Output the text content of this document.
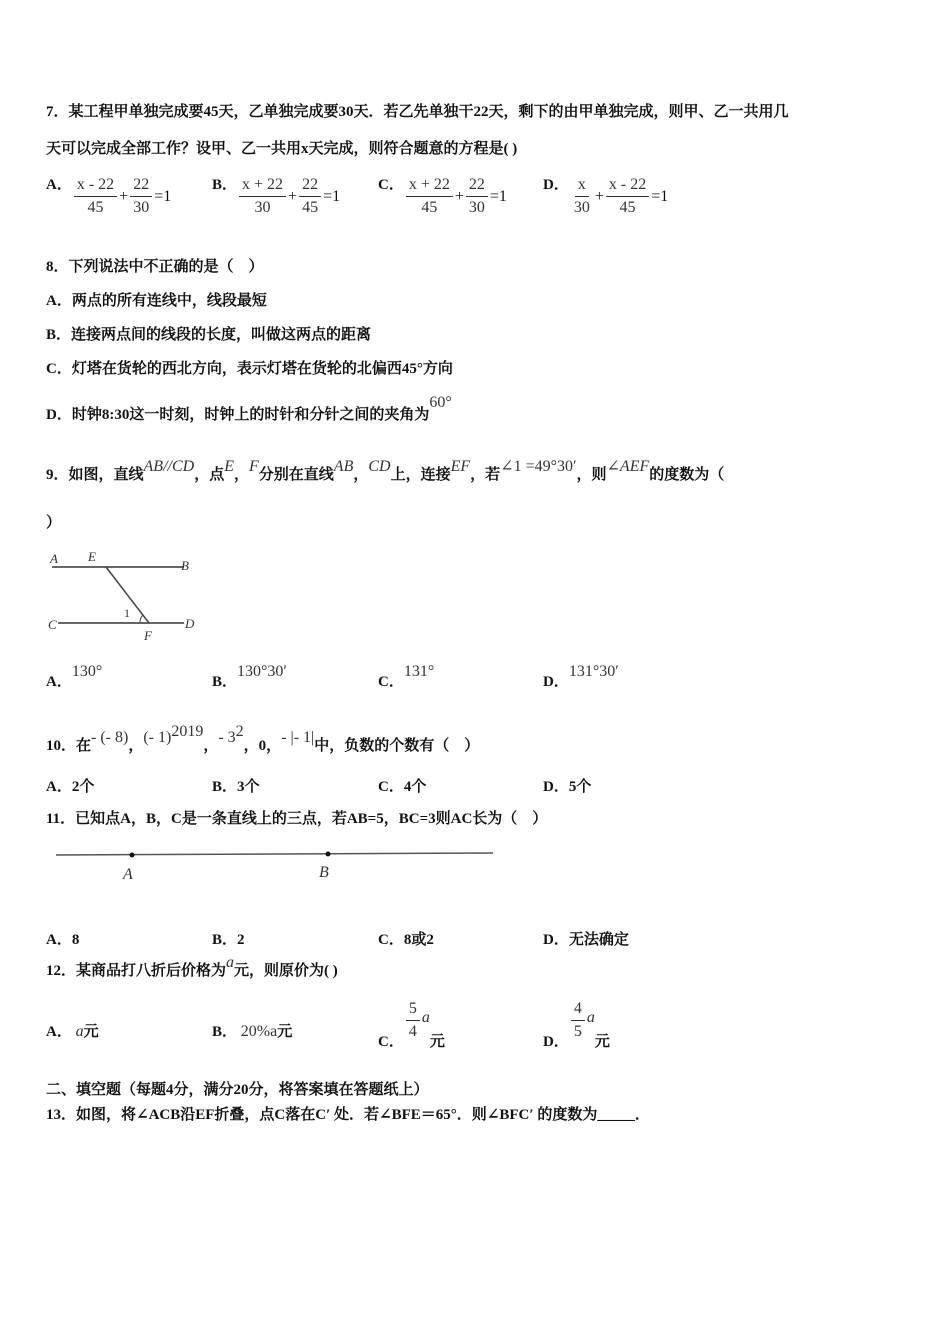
7．某工程甲单独完成要45天，乙单独完成要30天．若乙先单独干22天，剩下的由甲单独完成，则甲、乙一共用几
天可以完成全部工作？设甲、乙一共用x天完成，则符合题意的方程是( )
A． $\frac{x - 22}{45} + \frac{22}{30} =1$
B． $\frac{x + 22}{30} + \frac{22}{45} =1$
C． $\frac{x + 22}{45} + \frac{22}{30} =1$
D． $\frac{x}{30} + \frac{x - 22}{45} =1$
8．下列说法中不正确的是（　）
A．两点的所有连线中，线段最短
B．连接两点间的线段的长度，叫做这两点的距离
C．灯塔在货轮的西北方向，表示灯塔在货轮的北偏西45°方向
D．时钟8:30这一时刻，时钟上的时针和分针之间的夹角为60°
9．如图，直线AB//CD，点E，F分别在直线AB，CD上，连接EF，若∠1 =49°30′，则∠AEF的度数为（
）
A E
B
C
1
F
D
A．130°
B．130°30′
C．131°
D．131°30′
10．在- (- 8)，(- 1)$^{2019}$，- $3^2$，0，- |- 1|中，负数的个数有（　）
A．2个	B．3个	C．4个	D．5个
11．已知点A，B，C是一条直线上的三点，若AB=5，BC=3则AC长为（　）
A	B
A．8	B．2	C．8或2	D．无法确定
12．某商品打八折后价格为a元，则原价为( )
A． a元	B． 20%a元
C． $\frac{5}{4}$ a元	D． $\frac{4}{5}$ a元
二、填空题（每题4分，满分20分，将答案填在答题纸上）
13．如图，将∠ACB沿EF折叠，点C落在C′ 处．若∠BFE＝65°．则∠BFC′ 的度数为_____．
